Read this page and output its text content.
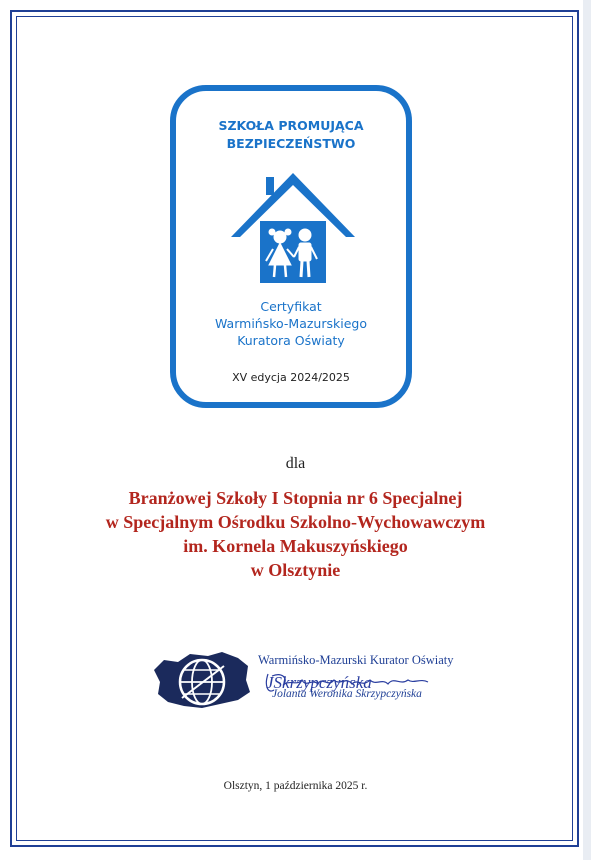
SZKOŁA PROMUJĄCA
BEZPIECZEŃSTWO
Certyfikat
Warmińsko-Mazurskiego
Kuratora Oświaty
XV edycja 2024/2025
dla
Branżowej Szkoły I Stopnia nr 6 Specjalnej
w Specjalnym Ośrodku Szkolno-Wychowawczym
im. Kornela Makuszyńskiego
w Olsztynie
Warmińsko-Mazurski Kurator Oświaty
JSkrzypczyńska
Jolanta Weronika Skrzypczyńska
Olsztyn, 1 października 2025 r.
